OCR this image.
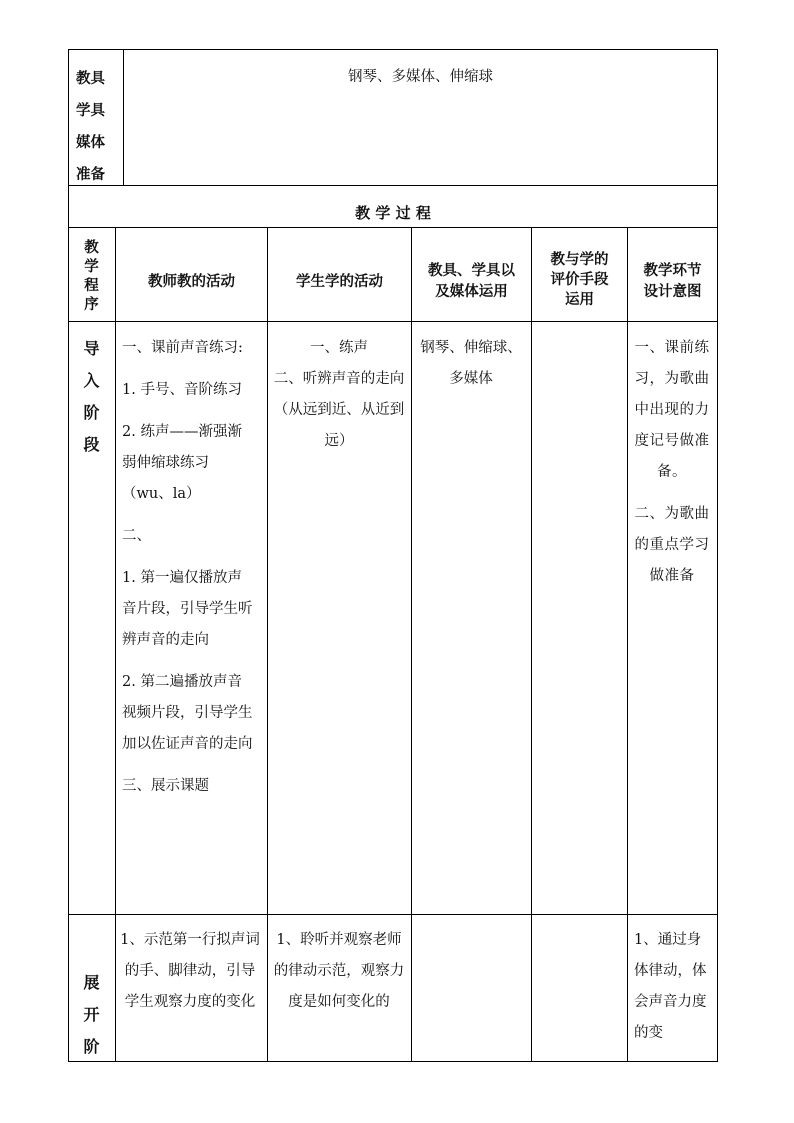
教具
学具
媒体
准备
钢琴、多媒体、伸缩球
教 学 过 程
教
学
程
序
教师教的活动	学生学的活动
教具、学具以
及媒体运用
教与学的
评价手段
运用
教学环节
设计意图
导
入
阶
段

一、课前声音练习:

1. 手号、音阶练习

2. 练声——渐强渐弱伸缩球练习（wu、la）

二、

1. 第一遍仅播放声音片段，引导学生听辨声音的走向

2. 第二遍播放声音视频片段，引导学生加以佐证声音的走向

三、展示课题

一、练声

二、听辨声音的走向（从远到近、从近到远）

钢琴、伸缩球、多媒体

一、课前练习，为歌曲中出现的力度记号做准备。

二、为歌曲的重点学习做准备

展
开
阶

1、示范第一行拟声词的手、脚律动，引导学生观察力度的变化

1、聆听并观察老师的律动示范，观察力度是如何变化的

1、通过身体律动，体会声音力度的变
